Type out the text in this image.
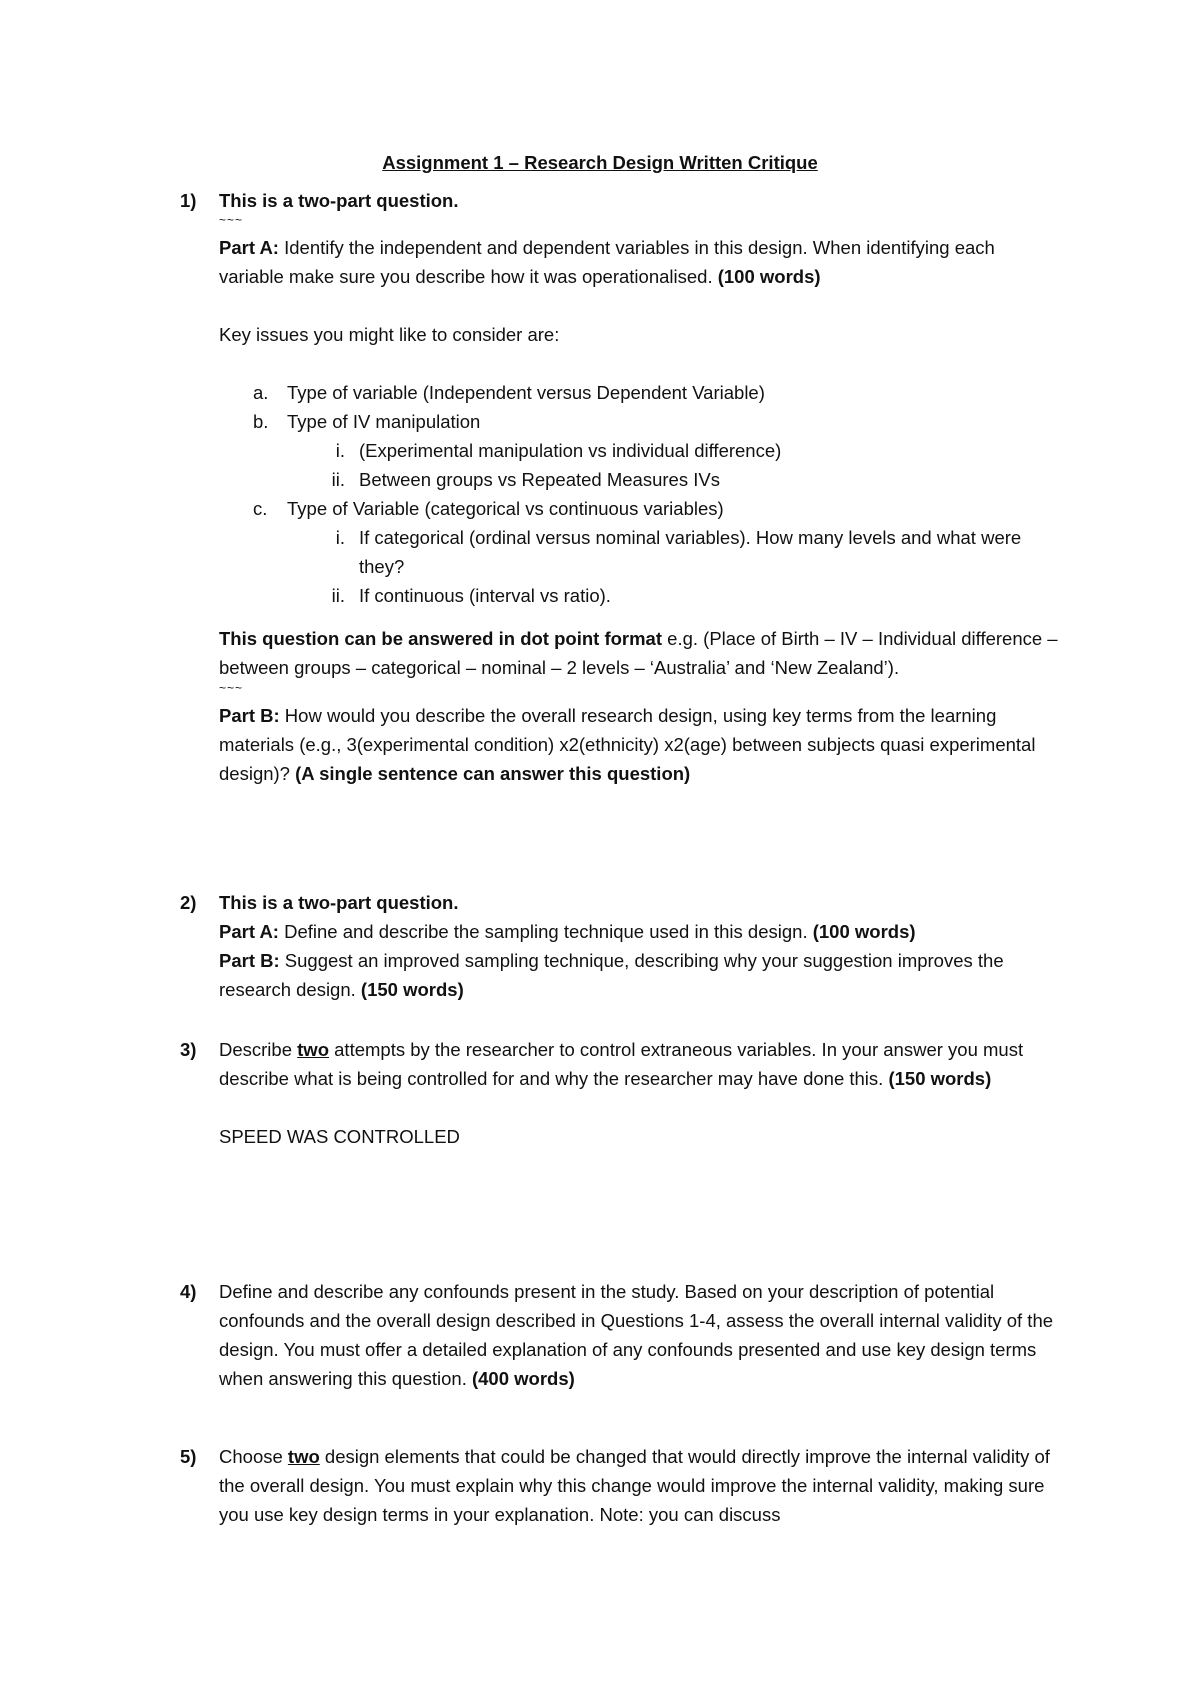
Assignment 1 – Research Design Written Critique
1) This is a two-part question.

~~~

Part A: Identify the independent and dependent variables in this design. When identifying each variable make sure you describe how it was operationalised. (100 words)

Key issues you might like to consider are:

a. Type of variable (Independent versus Dependent Variable)
b. Type of IV manipulation
i. (Experimental manipulation vs individual difference)
ii. Between groups vs Repeated Measures IVs
c. Type of Variable (categorical vs continuous variables)
i. If categorical (ordinal versus nominal variables). How many levels and what were they?
ii. If continuous (interval vs ratio).

This question can be answered in dot point format e.g. (Place of Birth – IV – Individual difference – between groups – categorical – nominal – 2 levels – ‘Australia’ and ‘New Zealand’).

~~~

Part B: How would you describe the overall research design, using key terms from the learning materials (e.g., 3(experimental condition) x2(ethnicity) x2(age) between subjects quasi experimental design)? (A single sentence can answer this question)

2) This is a two-part question.

Part A: Define and describe the sampling technique used in this design. (100 words)

Part B: Suggest an improved sampling technique, describing why your suggestion improves the research design. (150 words)

3) Describe two attempts by the researcher to control extraneous variables. In your answer you must describe what is being controlled for and why the researcher may have done this. (150 words)

SPEED WAS CONTROLLED

4) Define and describe any confounds present in the study. Based on your description of potential confounds and the overall design described in Questions 1-4, assess the overall internal validity of the design. You must offer a detailed explanation of any confounds presented and use key design terms when answering this question. (400 words)

5) Choose two design elements that could be changed that would directly improve the internal validity of the overall design. You must explain why this change would improve the internal validity, making sure you use key design terms in your explanation. Note: you can discuss
